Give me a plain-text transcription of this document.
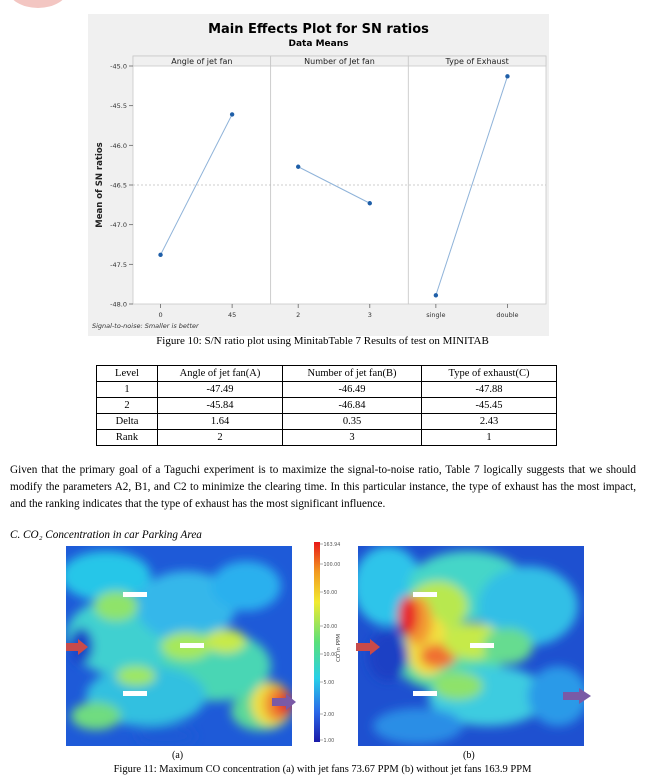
Main Effects Plot for SN ratios
Data Means
Angle of jet fan	Number of Jet fan	Type of Exhaust
-45.0
-45.5
-46.0
-46.5
-47.0
-47.5
-48.0
Mean of SN ratios
0	45	2	3	single	double
Signal-to-noise: Smaller is better
Figure 10: S/N ratio plot using MinitabTable 7 Results of test on MINITAB
Level	Angle of jet fan(A)	Number of jet fan(B)	Type of exhaust(C)
1	-47.49	-46.49	-47.88
2	-45.84	-46.84	-45.45
Delta	1.64	0.35	2.43
Rank	2	3	1
Given that the primary goal of a Taguchi experiment is to maximize the signal-to-noise ratio, Table 7 logically suggests that we should modify the parameters A2, B1, and C2 to minimize the clearing time. In this particular instance, the type of exhaust has the most impact, and the ranking indicates that the type of exhaust has the most significant influence.
C. CO₂ Concentration in car Parking Area
CO in PPM
163.94
100.00
50.00
20.00
10.00
5.00
2.00
1.00
(a)	(b)
Figure 11: Maximum CO concentration (a) with jet fans 73.67 PPM (b) without jet fans 163.9 PPM
